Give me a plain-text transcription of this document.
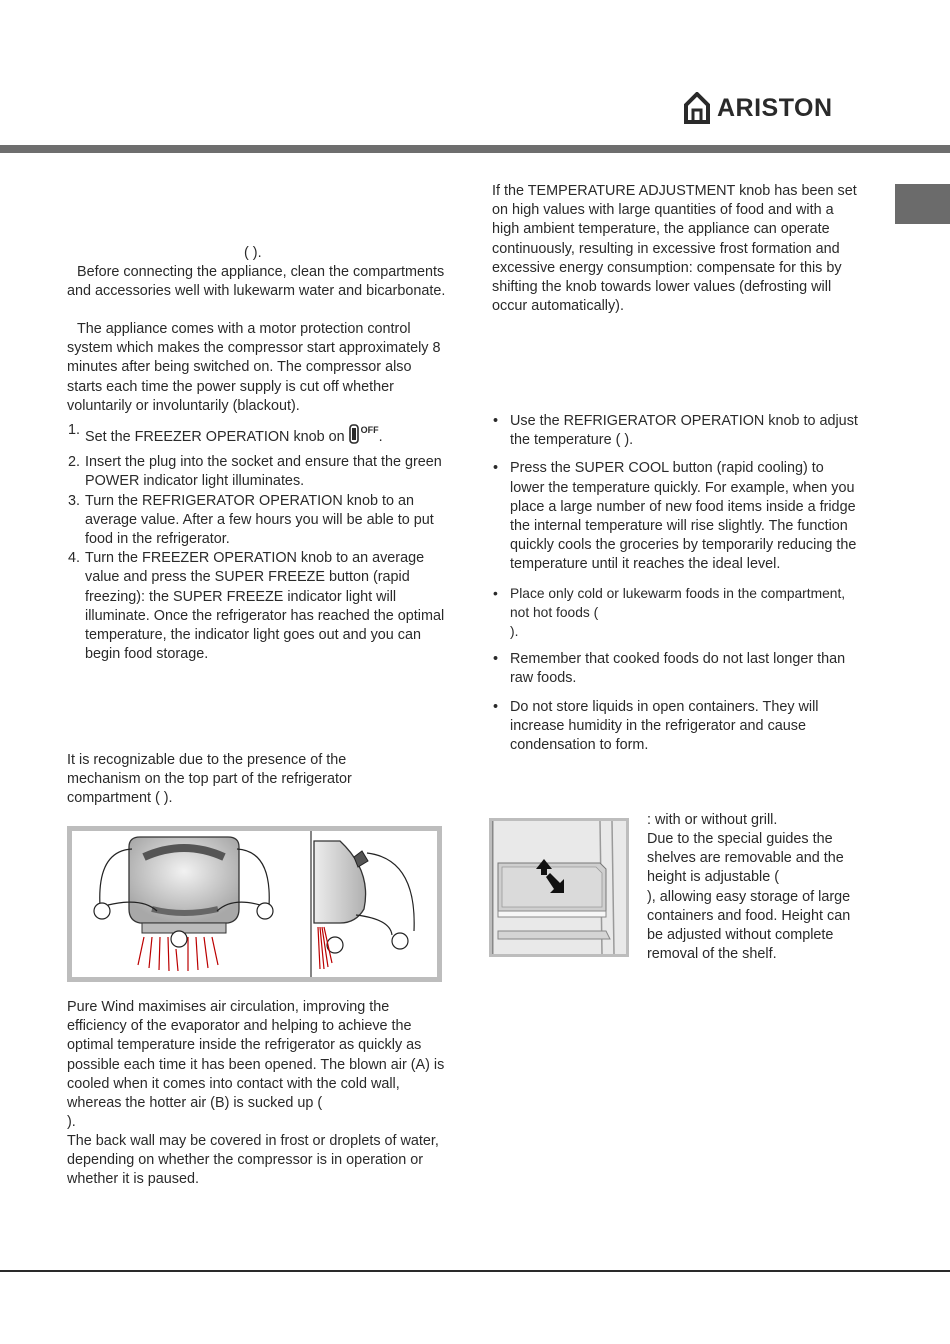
ARISTON

( ).

Before connecting the appliance, clean the compartments and accessories well with lukewarm water and bicarbonate.

The appliance comes with a motor protection control system which makes the compressor start approximately 8 minutes after being switched on. The compressor also starts each time the power supply is cut off whether voluntarily or involuntarily (blackout).

1. Set the FREEZER OPERATION knob on $^{OFF}$.
2. Insert the plug into the socket and ensure that the green POWER indicator light illuminates.
3. Turn the REFRIGERATOR OPERATION knob to an average value. After a few hours you will be able to put food in the refrigerator.
4. Turn the FREEZER OPERATION knob to an average value and press the SUPER FREEZE button (rapid freezing): the SUPER FREEZE indicator light will illuminate. Once the refrigerator has reached the optimal temperature, the indicator light goes out and you can begin food storage.

It is recognizable due to the presence of the mechanism on the top part of the refrigerator compartment ( ).

Pure Wind maximises air circulation, improving the efficiency of the evaporator and helping to achieve the optimal temperature inside the refrigerator as quickly as possible each time it has been opened. The blown air (A) is cooled when it comes into contact with the cold wall, whereas the hotter air (B) is sucked up (
).

The back wall may be covered in frost or droplets of water, depending on whether the compressor is in operation or whether it is paused.

If the TEMPERATURE ADJUSTMENT knob has been set on high values with large quantities of food and with a high ambient temperature, the appliance can operate continuously, resulting in excessive frost formation and excessive energy consumption: compensate for this by shifting the knob towards lower values (defrosting will occur automatically).

• Use the REFRIGERATOR OPERATION knob to adjust the temperature ( ).
• Press the SUPER COOL button (rapid cooling) to lower the temperature quickly. For example, when you place a large number of new food items inside a fridge the internal temperature will rise slightly. The function quickly cools the groceries by temporarily reducing the temperature until it reaches the ideal level.
• Place only cold or lukewarm foods in the compartment, not hot foods (
).
• Remember that cooked foods do not last longer than raw foods.
• Do not store liquids in open containers. They will increase humidity in the refrigerator and cause condensation to form.

: with or without grill.

Due to the special guides the shelves are removable and the height is adjustable (
), allowing easy storage of large containers and food. Height can be adjusted without complete removal of the shelf.
